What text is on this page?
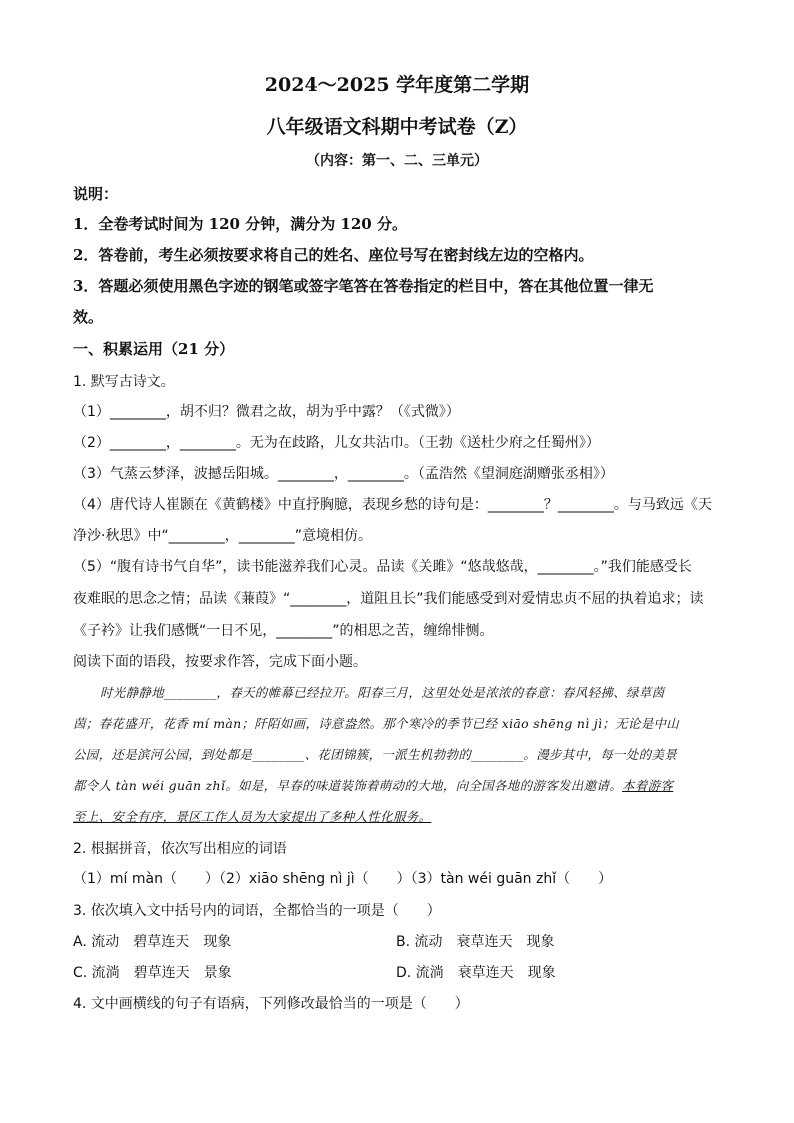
2024～2025 学年度第二学期
八年级语文科期中考试卷（Z）
（内容：第一、二、三单元）
说明：
1．全卷考试时间为 120 分钟，满分为 120 分。
2．答卷前，考生必须按要求将自己的姓名、座位号写在密封线左边的空格内。
3．答题必须使用黑色字迹的钢笔或签字笔答在答卷指定的栏目中，答在其他位置一律无
效。
一、积累运用（21 分）
1. 默写古诗文。
（1）________，胡不归？微君之故，胡为乎中露？（《式微》）
（2）________，________。无为在歧路，儿女共沾巾。（王勃《送杜少府之任蜀州》）
（3）气蒸云梦泽，波撼岳阳城。________，________。（孟浩然《望洞庭湖赠张丞相》）
（4）唐代诗人崔颢在《黄鹤楼》中直抒胸臆，表现乡愁的诗句是：________？________。与马致远《天
净沙·秋思》中“________，________”意境相仿。
（5）“腹有诗书气自华”，读书能滋养我们心灵。品读《关雎》“悠哉悠哉，________。”我们能感受长
夜难眠的思念之情；品读《蒹葭》“________，道阻且长”我们能感受到对爱情忠贞不屈的执着追求；读
《子衿》让我们感慨“一日不见，________”的相思之苦，缠绵悱恻。
阅读下面的语段，按要求作答，完成下面小题。
时光静静地________，春天的帷幕已经拉开。阳春三月，这里处处是浓浓的春意：春风轻拂、绿草茵
茵；春花盛开，花香 mí màn；阡陌如画，诗意盎然。那个寒冷的季节已经 xiāo shēng nì jì；无论是中山
公园，还是滨河公园，到处都是________、花团锦簇，一派生机勃勃的________。漫步其中，每一处的美景
都令人 tàn wéi guān zhǐ。如是，早春的味道装饰着萌动的大地，向全国各地的游客发出邀请。本着游客
至上、安全有序，景区工作人员为大家提出了多种人性化服务。
2. 根据拼音，依次写出相应的词语
（1）mí màn（　　）（2）xiāo shēng nì jì（　　）（3）tàn wéi guān zhǐ（　　）
3. 依次填入文中括号内的词语，全都恰当的一项是（　　）
A. 流动　碧草连天　现象	B. 流动　衰草连天　现象
C. 流淌　碧草连天　景象	D. 流淌　衰草连天　现象
4. 文中画横线的句子有语病，下列修改最恰当的一项是（　　）
